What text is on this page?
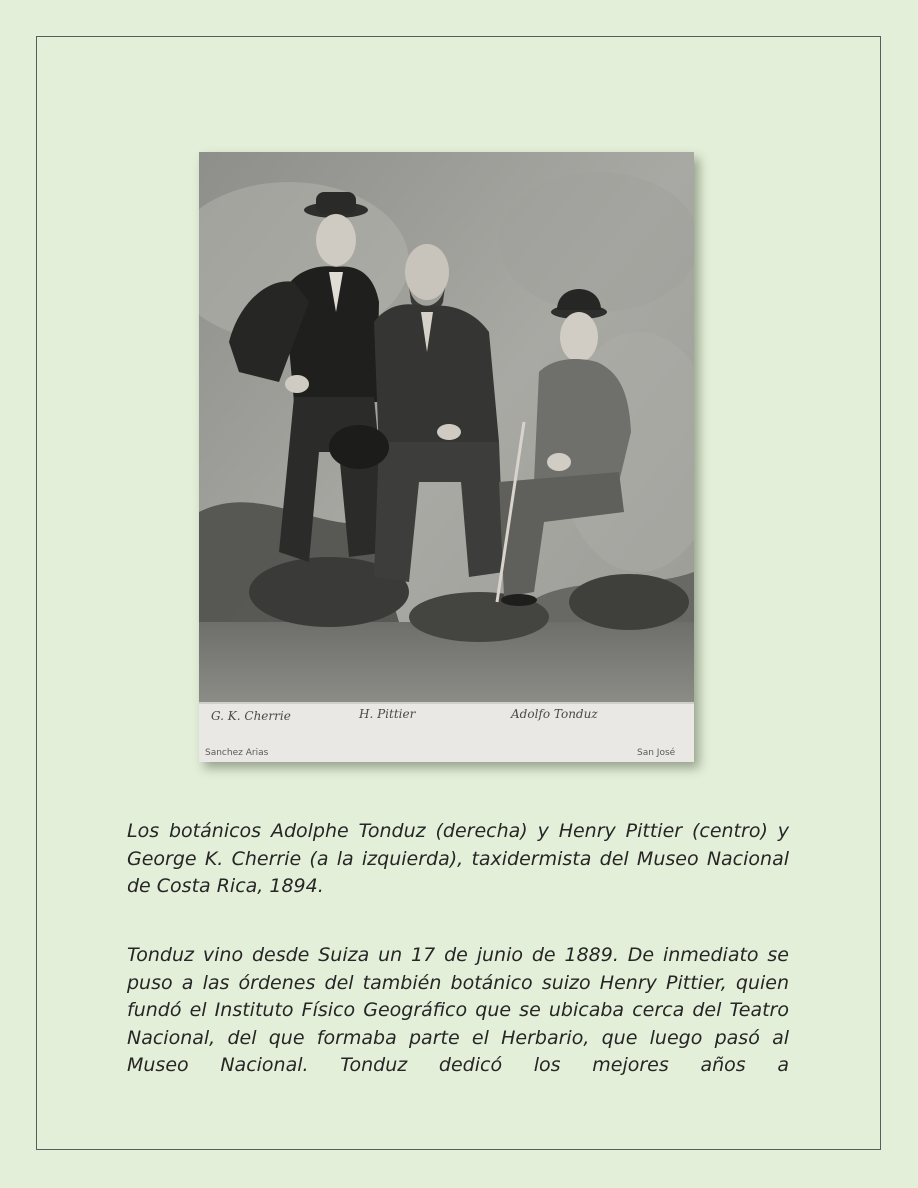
G. K. Cherrie	H. Pittier	Adolfo Tonduz
Sanchez Arias	San José

Los botánicos Adolphe Tonduz (derecha) y Henry Pittier (centro) y George K. Cherrie (a la izquierda), taxidermista del Museo Nacional de Costa Rica, 1894.

Tonduz vino desde Suiza un 17 de junio de 1889. De inmediato se puso a las órdenes del también botánico suizo Henry Pittier, quien fundó el Instituto Físico Geográfico que se ubicaba cerca del Teatro Nacional, del que formaba parte el Herbario, que luego pasó al Museo Nacional. Tonduz dedicó los mejores años a
